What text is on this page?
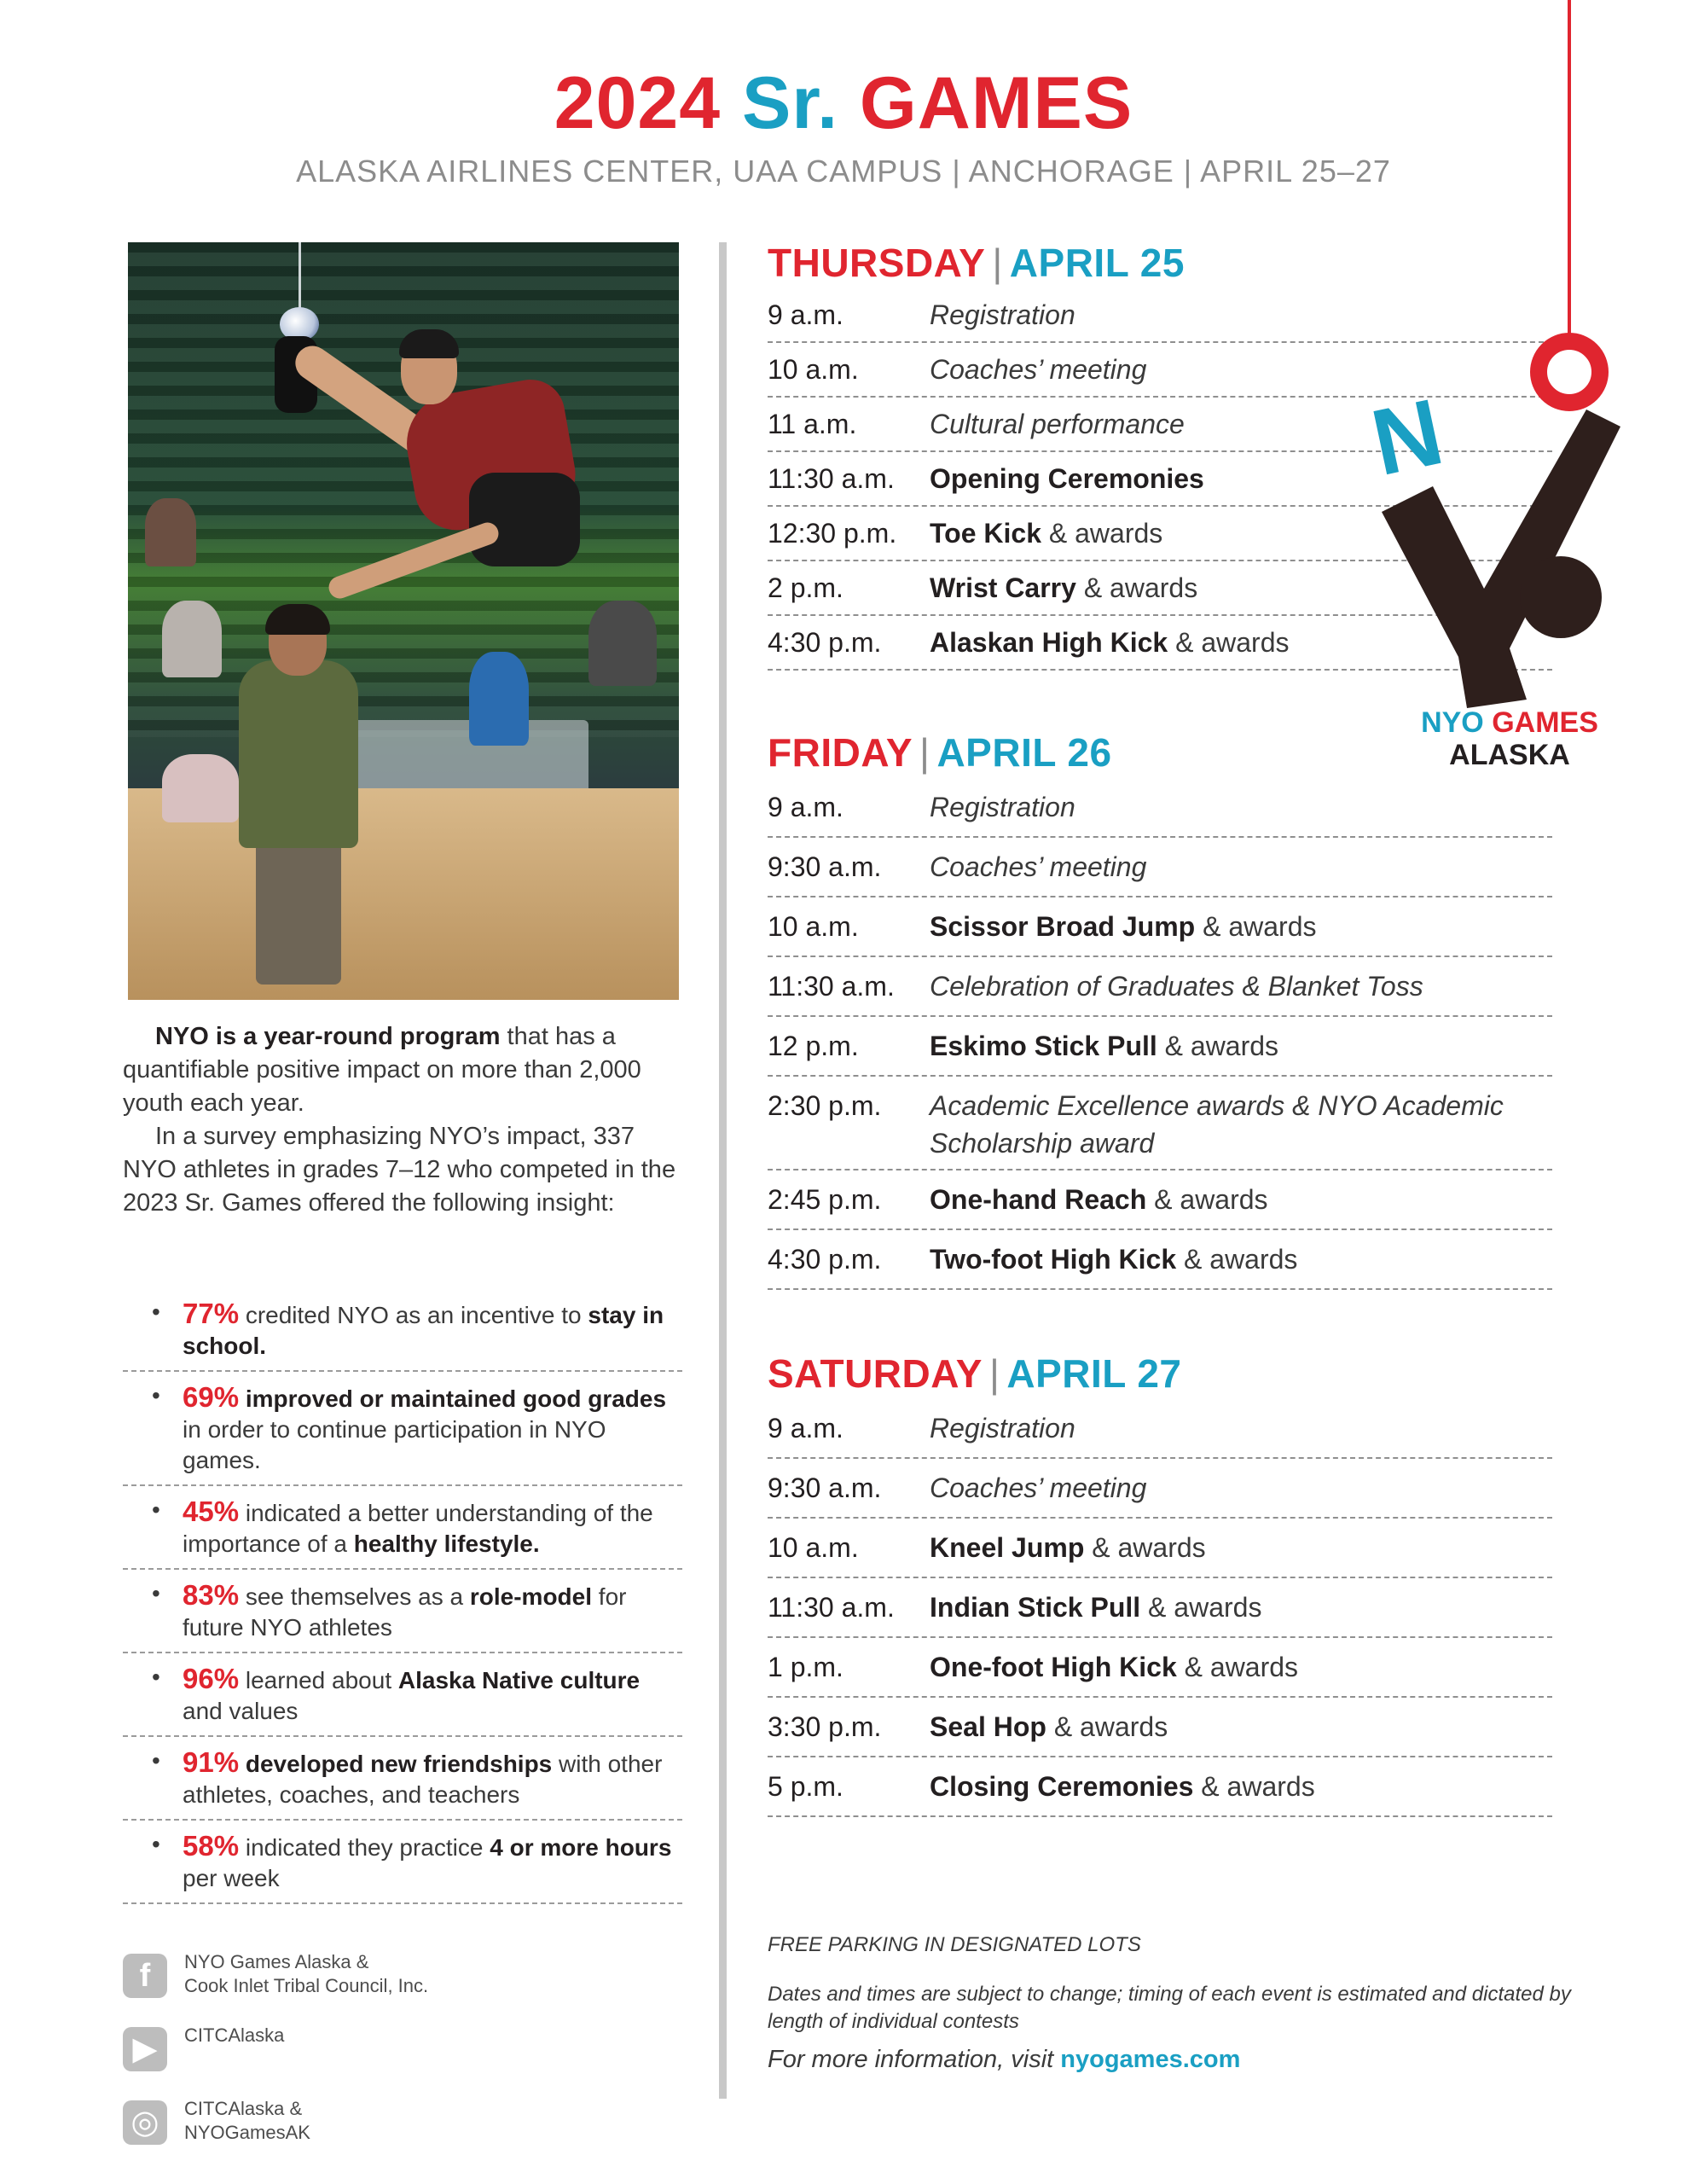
2024 Sr. GAMES
ALASKA AIRLINES CENTER, UAA CAMPUS | ANCHORAGE | APRIL 25–27

NYO is a year-round program that has a quantifiable positive impact on more than 2,000 youth each year.

In a survey emphasizing NYO’s impact, 337 NYO athletes in grades 7–12 who competed in the 2023 Sr. Games offered the following insight:

• 77% credited NYO as an incentive to stay in school.
• 69% improved or maintained good grades in order to continue participation in NYO games.
• 45% indicated a better understanding of the importance of a healthy lifestyle.
• 83% see themselves as a role-model for future NYO athletes
• 96% learned about Alaska Native culture and values
• 91% developed new friendships with other athletes, coaches, and teachers
• 58% indicated they practice 4 or more hours per week
f	NYO Games Alaska &
Cook Inlet Tribal Council, Inc.
▶	CITCAlaska

◎	CITCAlaska &
NYOGamesAK
THURSDAY | APRIL 25
9 a.m.	Registration
10 a.m.	Coaches’ meeting
11 a.m.	Cultural performance
11:30 a.m.	Opening Ceremonies
12:30 p.m.	Toe Kick & awards
2 p.m.	Wrist Carry & awards
4:30 p.m.	Alaskan High Kick & awards
FRIDAY | APRIL 26
9 a.m.	Registration
9:30 a.m.	Coaches’ meeting
10 a.m.	Scissor Broad Jump & awards
11:30 a.m.	Celebration of Graduates & Blanket Toss
12 p.m.	Eskimo Stick Pull & awards
2:30 p.m.	Academic Excellence awards & NYO Academic Scholarship award
2:45 p.m.	One-hand Reach & awards
4:30 p.m.	Two-foot High Kick & awards
SATURDAY | APRIL 27
9 a.m.	Registration
9:30 a.m.	Coaches’ meeting
10 a.m.	Kneel Jump & awards
11:30 a.m.	Indian Stick Pull & awards
1 p.m.	One-foot High Kick & awards
3:30 p.m.	Seal Hop & awards
5 p.m.	Closing Ceremonies & awards
N
NYO GAMES
ALASKA
FREE PARKING IN DESIGNATED LOTS
Dates and times are subject to change; timing of each event is estimated and dictated by length of individual contests
For more information, visit nyogames.com
